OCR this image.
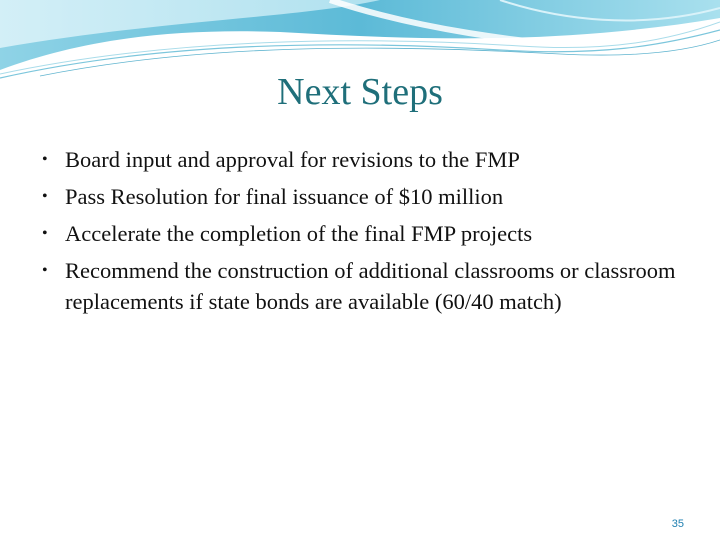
Next Steps
• Board input and approval for revisions to the FMP
• Pass Resolution for final issuance of $10 million
• Accelerate the completion of the final FMP projects
• Recommend the construction of additional classrooms or classroom replacements if state bonds are available (60/40 match)
35
